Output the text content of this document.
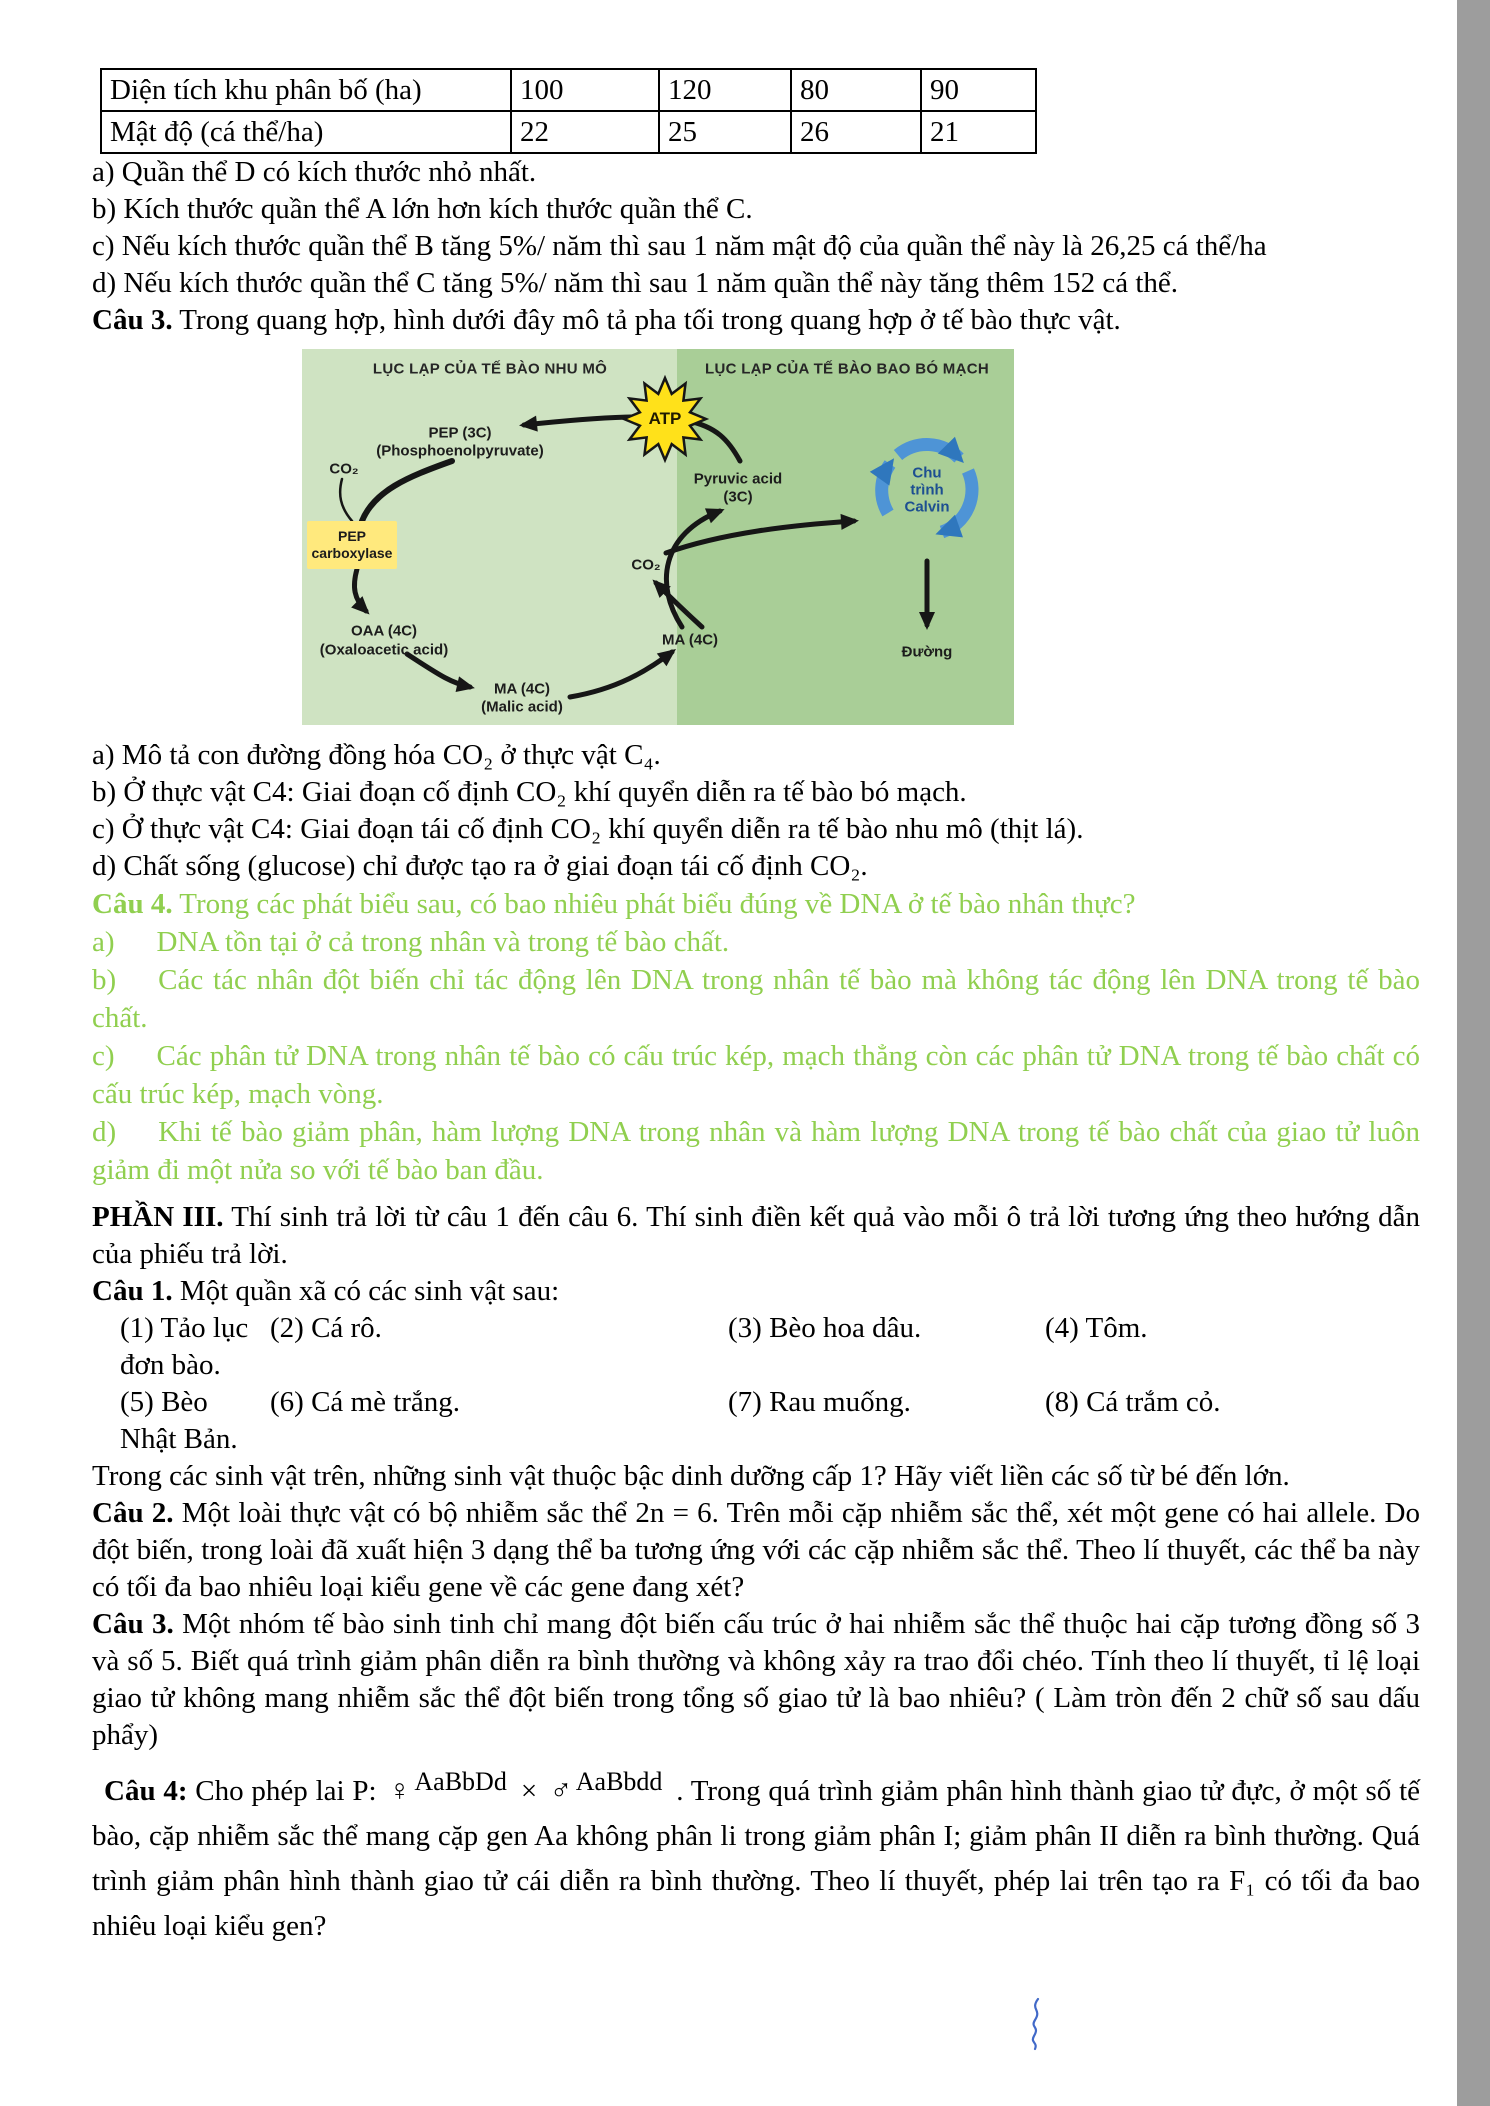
Diện tích khu phân bố (ha)	100	120	80	90
Mật độ (cá thể/ha)	22	25	26	21

a) Quần thể D có kích thước nhỏ nhất.

b) Kích thước quần thể A lớn hơn kích thước quần thể C.

c) Nếu kích thước quần thể B tăng 5%/ năm thì sau 1 năm mật độ của quần thể này là 26,25 cá thể/ha

d) Nếu kích thước quần thể C tăng 5%/ năm thì sau 1 năm quần thể này tăng thêm 152 cá thể.

Câu 3. Trong quang hợp, hình dưới đây mô tả pha tối trong quang hợp ở tế bào thực vật.

LỤC LẠP CỦA TẾ BÀO NHU MÔ	LỤC LẠP CỦA TẾ BÀO BAO BÓ MẠCH
ATP
PEP (3C)
(Phosphoenolpyruvate)
CO₂
PEP
carboxylase
OAA (4C)
(Oxaloacetic acid)
MA (4C)
(Malic acid)
Pyruvic acid
(3C)
CO₂
MA (4C)
Chu
trình
Calvin
Đường

a) Mô tả con đường đồng hóa CO₂ ở thực vật C₄.

b) Ở thực vật C4: Giai đoạn cố định CO₂ khí quyển diễn ra tế bào bó mạch.

c) Ở thực vật C4: Giai đoạn tái cố định CO₂ khí quyển diễn ra tế bào nhu mô (thịt lá).

d) Chất sống (glucose) chỉ được tạo ra ở giai đoạn tái cố định CO₂.

Câu 4. Trong các phát biểu sau, có bao nhiêu phát biểu đúng về DNA ở tế bào nhân thực?

a) DNA tồn tại ở cả trong nhân và trong tế bào chất.

b) Các tác nhân đột biến chỉ tác động lên DNA trong nhân tế bào mà không tác động lên DNA trong tế bào chất.

c) Các phân tử DNA trong nhân tế bào có cấu trúc kép, mạch thẳng còn các phân tử DNA trong tế bào chất có cấu trúc kép, mạch vòng.

d) Khi tế bào giảm phân, hàm lượng DNA trong nhân và hàm lượng DNA trong tế bào chất của giao tử luôn giảm đi một nửa so với tế bào ban đầu.

PHẦN III. Thí sinh trả lời từ câu 1 đến câu 6. Thí sinh điền kết quả vào mỗi ô trả lời tương ứng theo hướng dẫn của phiếu trả lời.

Câu 1. Một quần xã có các sinh vật sau:

(1) Tảo lục đơn bào.
(2) Cá rô.	(3) Bèo hoa dâu.	(4) Tôm.
(5) Bèo Nhật Bản.
(6) Cá mè trắng.	(7) Rau muống.	(8) Cá trắm cỏ.

Trong các sinh vật trên, những sinh vật thuộc bậc dinh dưỡng cấp 1? Hãy viết liền các số từ bé đến lớn.

Câu 2. Một loài thực vật có bộ nhiễm sắc thể 2n = 6. Trên mỗi cặp nhiễm sắc thể, xét một gene có hai allele. Do đột biến, trong loài đã xuất hiện 3 dạng thể ba tương ứng với các cặp nhiễm sắc thể. Theo lí thuyết, các thể ba này có tối đa bao nhiêu loại kiểu gene về các gene đang xét?

Câu 3. Một nhóm tế bào sinh tinh chỉ mang đột biến cấu trúc ở hai nhiễm sắc thể thuộc hai cặp tương đồng số 3 và số 5. Biết quá trình giảm phân diễn ra bình thường và không xảy ra trao đổi chéo. Tính theo lí thuyết, tỉ lệ loại giao tử không mang nhiễm sắc thể đột biến trong tổng số giao tử là bao nhiêu? ( Làm tròn đến 2 chữ số sau dấu phẩy)

Câu 4: Cho phép lai P: ♀ AaBbDd × ♂ AaBbdd . Trong quá trình giảm phân hình thành giao tử đực, ở một số tế bào, cặp nhiễm sắc thể mang cặp gen Aa không phân li trong giảm phân I; giảm phân II diễn ra bình thường. Quá trình giảm phân hình thành giao tử cái diễn ra bình thường. Theo lí thuyết, phép lai trên tạo ra F₁ có tối đa bao nhiêu loại kiểu gen?
